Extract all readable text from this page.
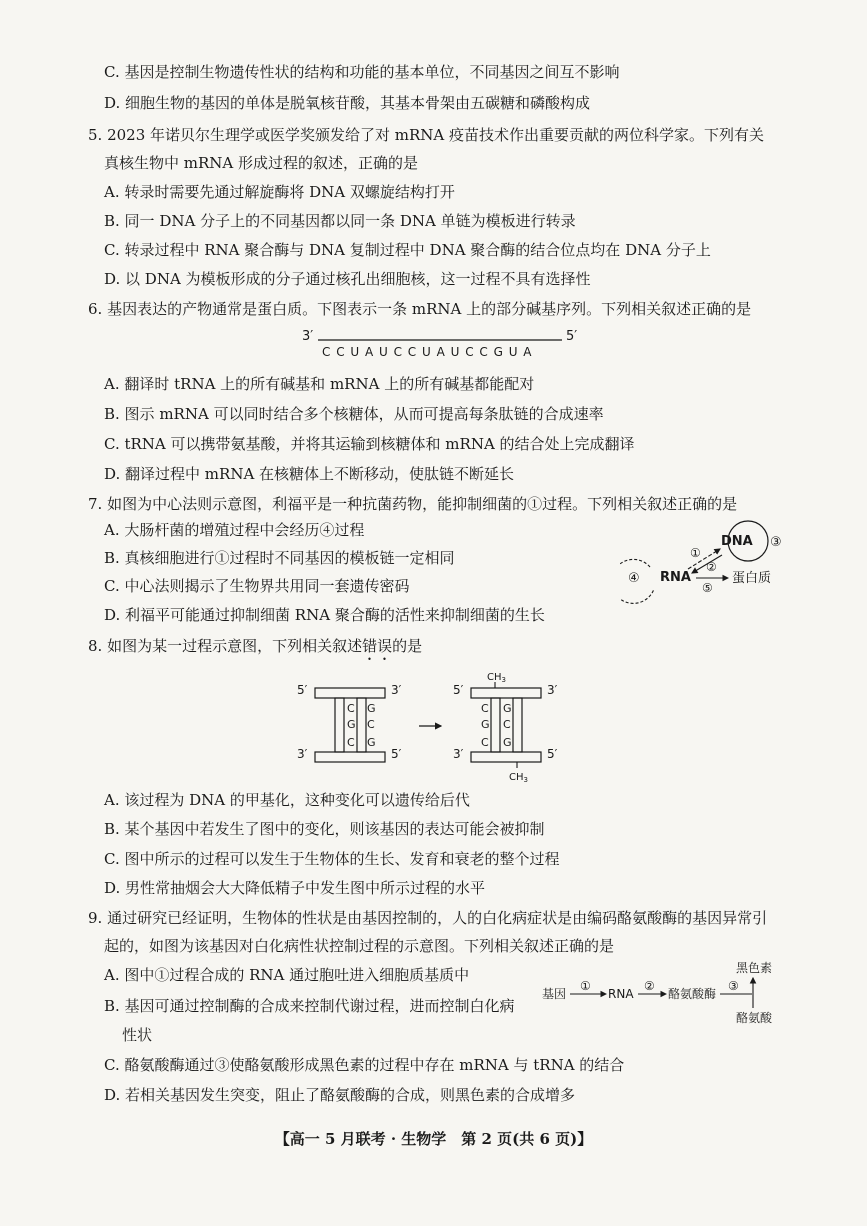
C. 基因是控制生物遗传性状的结构和功能的基本单位，不同基因之间互不影响
D. 细胞生物的基因的单体是脱氧核苷酸，其基本骨架由五碳糖和磷酸构成
5. 2023 年诺贝尔生理学或医学奖颁发给了对 mRNA 疫苗技术作出重要贡献的两位科学家。下列有关
真核生物中 mRNA 形成过程的叙述，正确的是
A. 转录时需要先通过解旋酶将 DNA 双螺旋结构打开
B. 同一 DNA 分子上的不同基因都以同一条 DNA 单链为模板进行转录
C. 转录过程中 RNA 聚合酶与 DNA 复制过程中 DNA 聚合酶的结合位点均在 DNA 分子上
D. 以 DNA 为模板形成的分子通过核孔出细胞核，这一过程不具有选择性
6. 基因表达的产物通常是蛋白质。下图表示一条 mRNA 上的部分碱基序列。下列相关叙述正确的是
3′	5′
C C U A U C C U A U C C G U A
A. 翻译时 tRNA 上的所有碱基和 mRNA 上的所有碱基都能配对
B. 图示 mRNA 可以同时结合多个核糖体，从而可提高每条肽链的合成速率
C. tRNA 可以携带氨基酸，并将其运输到核糖体和 mRNA 的结合处上完成翻译
D. 翻译过程中 mRNA 在核糖体上不断移动，使肽链不断延长
7. 如图为中心法则示意图，利福平是一种抗菌药物，能抑制细菌的①过程。下列相关叙述正确的是
A. 大肠杆菌的增殖过程中会经历④过程
B. 真核细胞进行①过程时不同基因的模板链一定相同
C. 中心法则揭示了生物界共用同一套遗传密码
D. 利福平可能通过抑制细菌 RNA 聚合酶的活性来抑制细菌的生长
DNA ③
④ RNA
①
②
⑤
蛋白质
8. 如图为某一过程示意图，下列相关叙述错误的是
5′	3′
C
G
C
G
C
G
3′	5′
$CH_3$
5′	3′
C
G
C
G
C
G
3′	5′
$CH_3$
A. 该过程为 DNA 的甲基化，这种变化可以遗传给后代
B. 某个基因中若发生了图中的变化，则该基因的表达可能会被抑制
C. 图中所示的过程可以发生于生物体的生长、发育和衰老的整个过程
D. 男性常抽烟会大大降低精子中发生图中所示过程的水平
9. 通过研究已经证明，生物体的性状是由基因控制的，人的白化病症状是由编码酪氨酸酶的基因异常引
起的，如图为该基因对白化病性状控制过程的示意图。下列相关叙述正确的是
A. 图中①过程合成的 RNA 通过胞吐进入细胞质基质中
B. 基因可通过控制酶的合成来控制代谢过程，进而控制白化病
性状
C. 酪氨酸酶通过③使酪氨酸形成黑色素的过程中存在 mRNA 与 tRNA 的结合
D. 若相关基因发生突变，阻止了酪氨酸酶的合成，则黑色素的合成增多
基因
①
RNA
②
酪氨酸酶
③
黑色素
酪氨酸
【高一 5 月联考 · 生物学　第 2 页(共 6 页)】
